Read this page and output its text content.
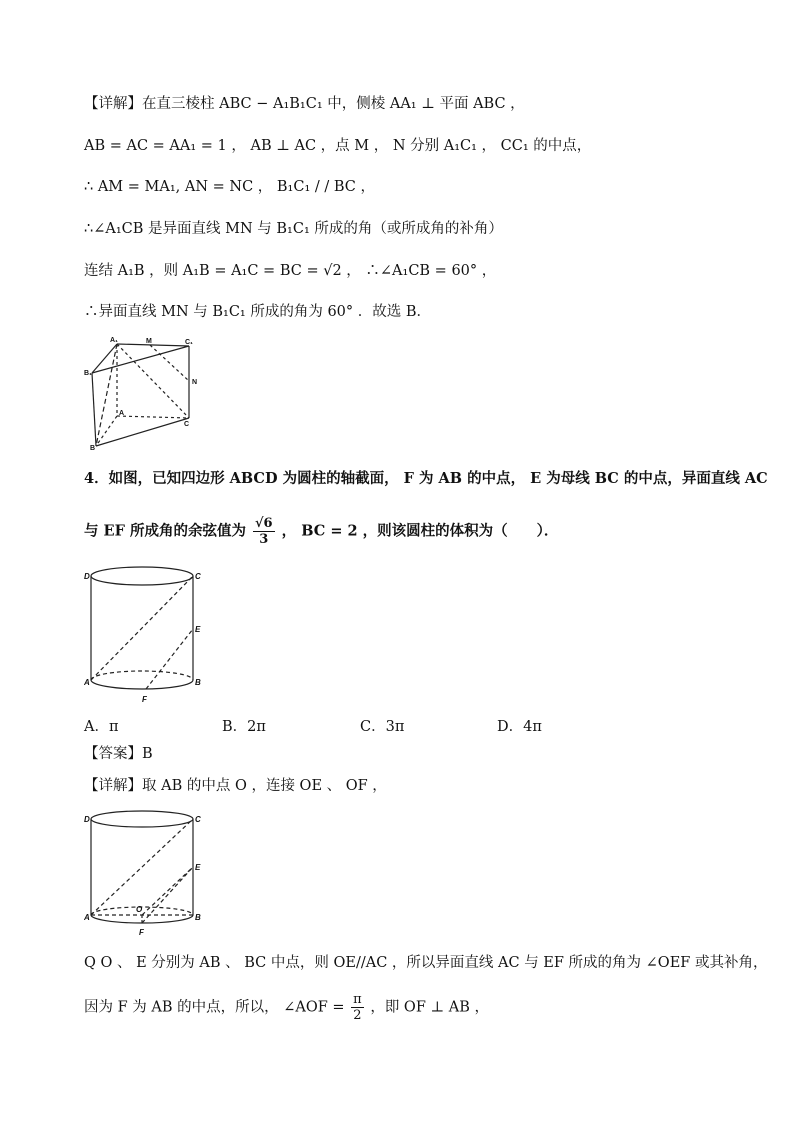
【详解】在直三棱柱 ABC − A₁B₁C₁ 中，侧棱 AA₁ ⊥ 平面 ABC ，
AB = AC = AA₁ = 1 ， AB ⊥ AC ，点 M ， N 分别 A₁C₁ ， CC₁ 的中点，
∴ AM = MA₁, AN = NC ， B₁C₁ / / BC ，
∴∠A₁CB 是异面直线 MN 与 B₁C₁ 所成的角（或所成角的补角）
连结 A₁B ，则 A₁B = A₁C = BC = √2 ， ∴∠A₁CB = 60° ，
∴异面直线 MN 与 B₁C₁ 所成的角为 60° ．故选 B．
A₁	M	C₁
B₁
N
A
C
B
4．如图，已知四边形 ABCD 为圆柱的轴截面， F 为 AB 的中点， E 为母线 BC 的中点，异面直线 AC
与 EF 所成角的余弦值为 $\frac{√6}{3}$ ， BC = 2 ，则该圆柱的体积为（　　）．
D	C
E
A	B
F
A．π	B．2π	C．3π	D．4π
【答案】B
【详解】取 AB 的中点 O ，连接 OE 、 OF ，
D	C
E
A
O
B
F
Q O 、 E 分别为 AB 、 BC 中点，则 OE//AC ，所以异面直线 AC 与 EF 所成的角为 ∠OEF 或其补角，
因为 F 为 AB 的中点，所以， ∠AOF = $\frac{\pi}{2}$ ，即 OF ⊥ AB ，
